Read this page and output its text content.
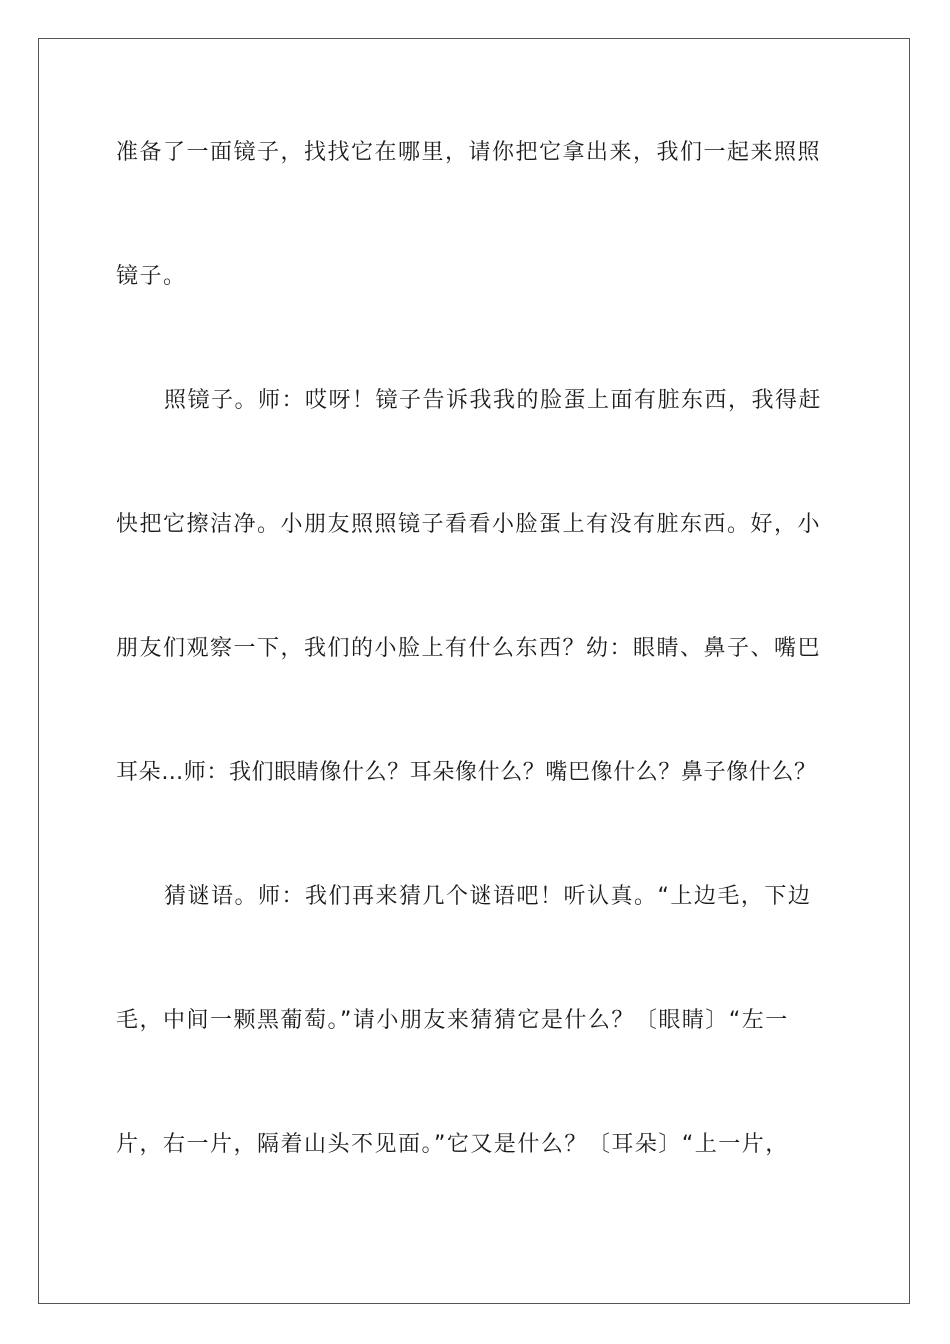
准备了一面镜子，找找它在哪里，请你把它拿出来，我们一起来照照
镜子。
照镜子。师：哎呀！镜子告诉我我的脸蛋上面有脏东西，我得赶
快把它擦洁净。小朋友照照镜子看看小脸蛋上有没有脏东西。好，小
朋友们观察一下，我们的小脸上有什么东西？幼：眼睛、鼻子、嘴巴
耳朵…师：我们眼睛像什么？耳朵像什么？嘴巴像什么？鼻子像什么？
猜谜语。师：我们再来猜几个谜语吧！听认真。“上边毛，下边
毛，中间一颗黑葡萄。”请小朋友来猜猜它是什么？〔眼睛〕“左一
片，右一片，隔着山头不见面。”它又是什么？〔耳朵〕“上一片，
